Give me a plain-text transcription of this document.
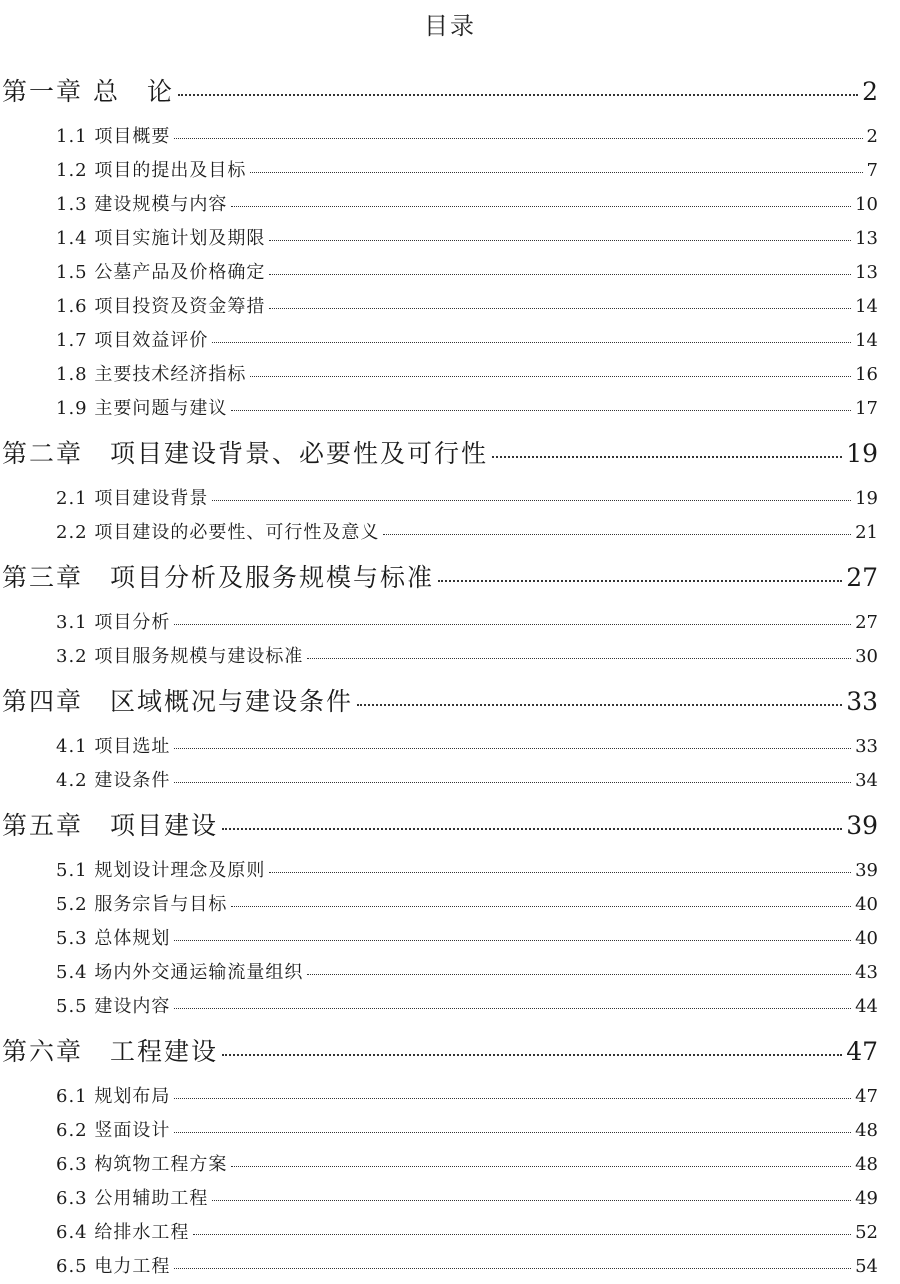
目录
第一章 总　论	2
1.1 项目概要	2
1.2 项目的提出及目标	7
1.3 建设规模与内容	10
1.4 项目实施计划及期限	13
1.5 公墓产品及价格确定	13
1.6 项目投资及资金筹措	14
1.7 项目效益评价	14
1.8 主要技术经济指标	16
1.9 主要问题与建议	17
第二章　项目建设背景、必要性及可行性	19
2.1 项目建设背景	19
2.2 项目建设的必要性、可行性及意义	21
第三章　项目分析及服务规模与标准	27
3.1 项目分析	27
3.2 项目服务规模与建设标准	30
第四章　区域概况与建设条件	33
4.1 项目选址	33
4.2 建设条件	34
第五章　项目建设	39
5.1 规划设计理念及原则	39
5.2 服务宗旨与目标	40
5.3 总体规划	40
5.4 场内外交通运输流量组织	43
5.5 建设内容	44
第六章　工程建设	47
6.1 规划布局	47
6.2 竖面设计	48
6.3 构筑物工程方案	48
6.3 公用辅助工程	49
6.4 给排水工程	52
6.5 电力工程	54
